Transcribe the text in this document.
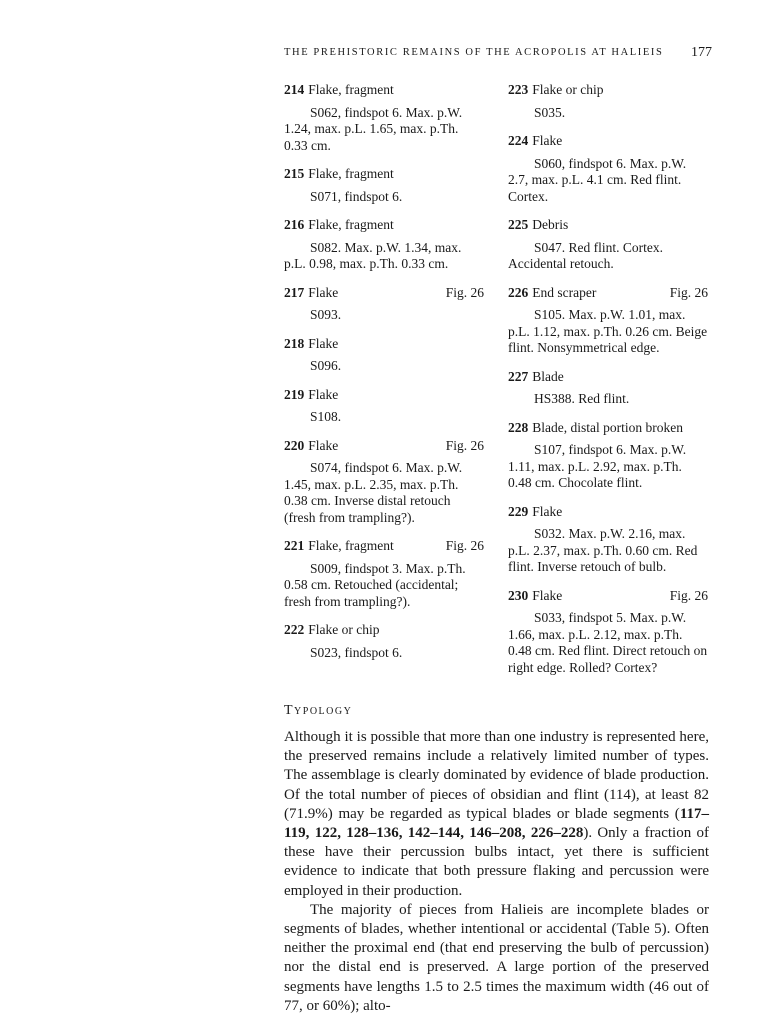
THE PREHISTORIC REMAINS OF THE ACROPOLIS AT HALIEIS 177
214 Flake, fragment
S062, findspot 6. Max. p.W. 1.24, max. p.L. 1.65, max. p.Th. 0.33 cm.
215 Flake, fragment
S071, findspot 6.
216 Flake, fragment
S082. Max. p.W. 1.34, max. p.L. 0.98, max. p.Th. 0.33 cm.
217 Flake	Fig. 26
S093.
218 Flake
S096.
219 Flake
S108.
220 Flake	Fig. 26
S074, findspot 6. Max. p.W. 1.45, max. p.L. 2.35, max. p.Th. 0.38 cm. Inverse distal retouch (fresh from trampling?).
221 Flake, fragment	Fig. 26
S009, findspot 3. Max. p.Th. 0.58 cm. Retouched (accidental; fresh from trampling?).
222 Flake or chip
S023, findspot 6.
223 Flake or chip
S035.
224 Flake
S060, findspot 6. Max. p.W. 2.7, max. p.L. 4.1 cm. Red flint. Cortex.
225 Debris
S047. Red flint. Cortex. Accidental retouch.
226 End scraper	Fig. 26
S105. Max. p.W. 1.01, max. p.L. 1.12, max. p.Th. 0.26 cm. Beige flint. Nonsymmetrical edge.
227 Blade
HS388. Red flint.
228 Blade, distal portion broken
S107, findspot 6. Max. p.W. 1.11, max. p.L. 2.92, max. p.Th. 0.48 cm. Chocolate flint.
229 Flake
S032. Max. p.W. 2.16, max. p.L. 2.37, max. p.Th. 0.60 cm. Red flint. Inverse retouch of bulb.
230 Flake	Fig. 26
S033, findspot 5. Max. p.W. 1.66, max. p.L. 2.12, max. p.Th. 0.48 cm. Red flint. Direct retouch on right edge. Rolled? Cortex?
Typology

Although it is possible that more than one industry is represented here, the preserved remains include a relatively limited number of types. The assemblage is clearly dominated by evidence of blade production. Of the total number of pieces of obsidian and flint (114), at least 82 (71.9%) may be regarded as typical blades or blade segments (117–119, 122, 128–136, 142–144, 146–208, 226–228). Only a fraction of these have their percussion bulbs intact, yet there is sufficient evidence to indicate that both pressure flaking and percussion were employed in their production.

The majority of pieces from Halieis are incomplete blades or segments of blades, whether intentional or accidental (Table 5). Often neither the proximal end (that end preserving the bulb of percussion) nor the distal end is preserved. A large portion of the preserved segments have lengths 1.5 to 2.5 times the maximum width (46 out of 77, or 60%); alto-
